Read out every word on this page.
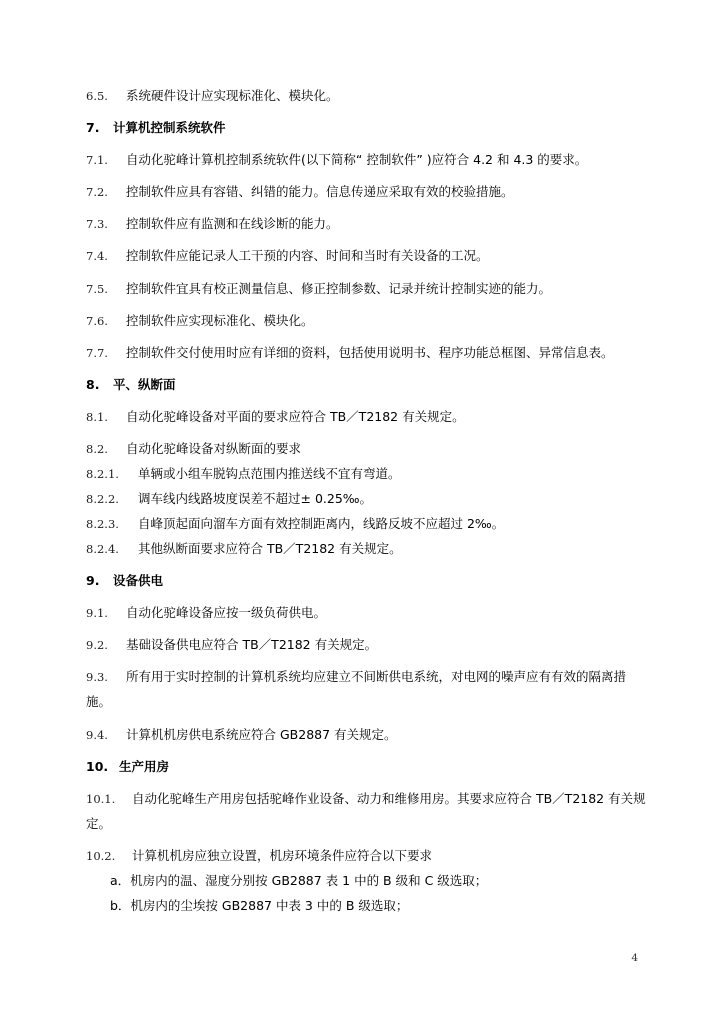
6.5. 系统硬件设计应实现标准化、模块化。
7. 计算机控制系统软件
7.1. 自动化驼峰计算机控制系统软件(以下简称“ 控制软件” )应符合 4.2 和 4.3 的要求。
7.2. 控制软件应具有容错、纠错的能力。信息传递应采取有效的校验措施。
7.3. 控制软件应有监测和在线诊断的能力。
7.4. 控制软件应能记录人工干预的内容、时间和当时有关设备的工况。
7.5. 控制软件宜具有校正测量信息、修正控制参数、记录并统计控制实迹的能力。
7.6. 控制软件应实现标准化、模块化。
7.7. 控制软件交付使用时应有详细的资料，包括使用说明书、程序功能总框图、异常信息表。
8. 平、纵断面
8.1. 自动化驼峰设备对平面的要求应符合 TB／T2182 有关规定。
8.2. 自动化驼峰设备对纵断面的要求
8.2.1. 单辆或小组车脱钩点范围内推送线不宜有弯道。
8.2.2. 调车线内线路坡度误差不超过± 0.25‰。
8.2.3. 自峰顶起面向溜车方面有效控制距离内，线路反坡不应超过 2‰。
8.2.4. 其他纵断面要求应符合 TB／T2182 有关规定。
9. 设备供电
9.1. 自动化驼峰设备应按一级负荷供电。
9.2. 基础设备供电应符合 TB／T2182 有关规定。
9.3. 所有用于实时控制的计算机系统均应建立不间断供电系统，对电网的噪声应有有效的隔离措
施。
9.4. 计算机机房供电系统应符合 GB2887 有关规定。
10. 生产用房
10.1. 自动化驼峰生产用房包括驼峰作业设备、动力和维修用房。其要求应符合 TB／T2182 有关规
定。
10.2. 计算机机房应独立设置，机房环境条件应符合以下要求
a．机房内的温、湿度分别按 GB2887 表 1 中的 B 级和 C 级选取；
b．机房内的尘埃按 GB2887 中表 3 中的 B 级选取；
4
